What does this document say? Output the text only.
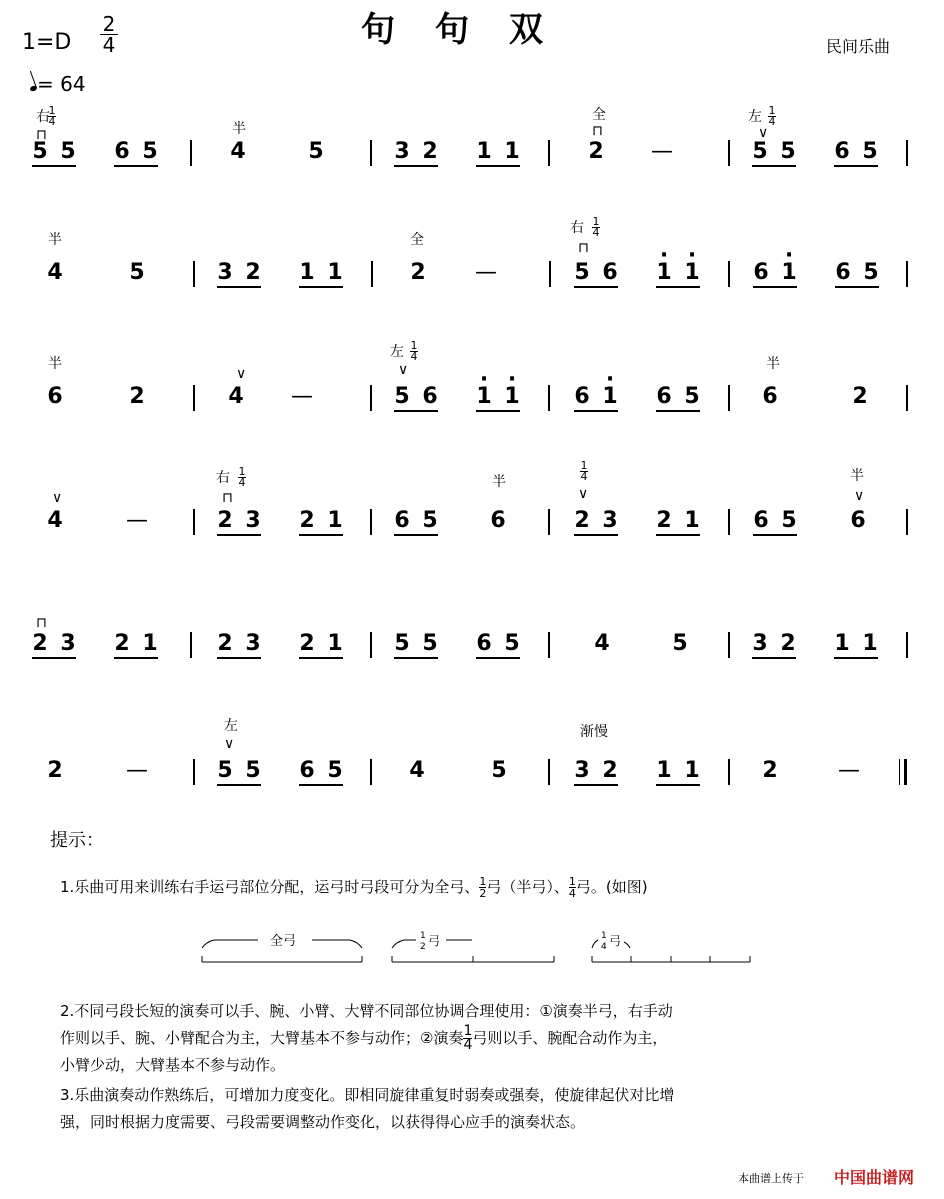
句句双
$1=D \frac{2}{4}$
= 64
民间乐曲
5 5 6 5	4	5	3 2 1 1	2 —	5 5 6 5
4	5	3 2 1 1	2 —	5 6 · 1 · 1 6 · 1 6 5
6	2	4 —	5 6 · 1 · 1 6 · 1 6 5	6	2
4	—	2 3 2 1 6 5 6	2 3 2 1 6 5 6
2 3 2 1	2 3 2 1 5 5 6 5	4	5	3 2 1 1
2	—	5 5 6 5	4	5	3 2 1 1	2	—
右
$\frac{1}{4}$
⊓	半
全
⊓
左 $\frac{1}{4}$
∨
半	全
右 $\frac{1}{4}$
⊓
半
∨
左 $\frac{1}{4}$
∨	半
∨
右 $\frac{1}{4}$
⊓
半	$\frac{1}{4}$
∨
半
∨
⊓
左
∨
渐慢
提示：
1.乐曲可用来训练右手运弓部位分配，运弓时弓段可分为全弓、 $\frac{1}{2}$ 弓（半弓）、 $\frac{1}{4}$ 弓。(如图)
全弓	1
2 弓	1
4 弓
2.不同弓段长短的演奏可以手、腕、小臂、大臂不同部位协调合理使用：①演奏半弓，右手动
作则以手、腕、小臂配合为主，大臂基本不参与动作；②演奏 $\frac{1}{4}$ 弓则以手、腕配合动作为主，
小臂少动，大臂基本不参与动作。
3.乐曲演奏动作熟练后，可增加力度变化。即相同旋律重复时弱奏或强奏，使旋律起伏对比增
强，同时根据力度需要、弓段需要调整动作变化，以获得得心应手的演奏状态。
本曲谱上传于 中国曲谱网
